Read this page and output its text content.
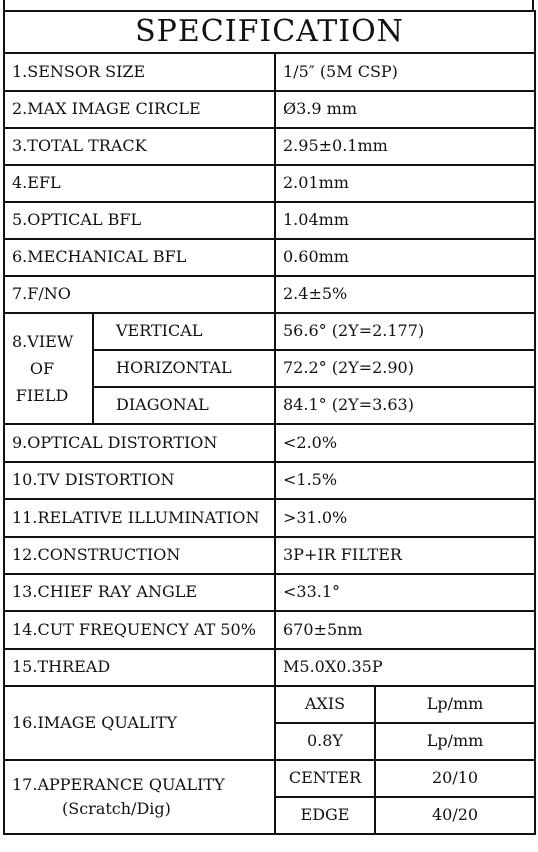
SPECIFICATION			
1.SENSOR SIZE		1/5″ (5M CSP)	
2.MAX IMAGE CIRCLE		Ø3.9 mm	
3.TOTAL TRACK		2.95±0.1mm	
4.EFL		2.01mm	
5.OPTICAL BFL		1.04mm	
6.MECHANICAL BFL		0.60mm	
7.F/NO		2.4±5%	

8.VIEW
OF
FIELD	VERTICAL	56.6° (2Y=2.177)	
	HORIZONTAL	72.2° (2Y=2.90)	
	DIAGONAL	84.1° (2Y=3.63)	
9.OPTICAL DISTORTION		<2.0%	
10.TV DISTORTION		<1.5%	
11.RELATIVE ILLUMINATION		>31.0%	
12.CONSTRUCTION		3P+IR FILTER	
13.CHIEF RAY ANGLE		<33.1°	
14.CUT FREQUENCY AT 50%		670±5nm	
15.THREAD		M5.0X0.35P	
16.IMAGE QUALITY		AXIS	Lp/mm
		0.8Y	Lp/mm

17.APPERANCE QUALITY
(Scratch/Dig)		CENTER	20/10
		EDGE	40/20
